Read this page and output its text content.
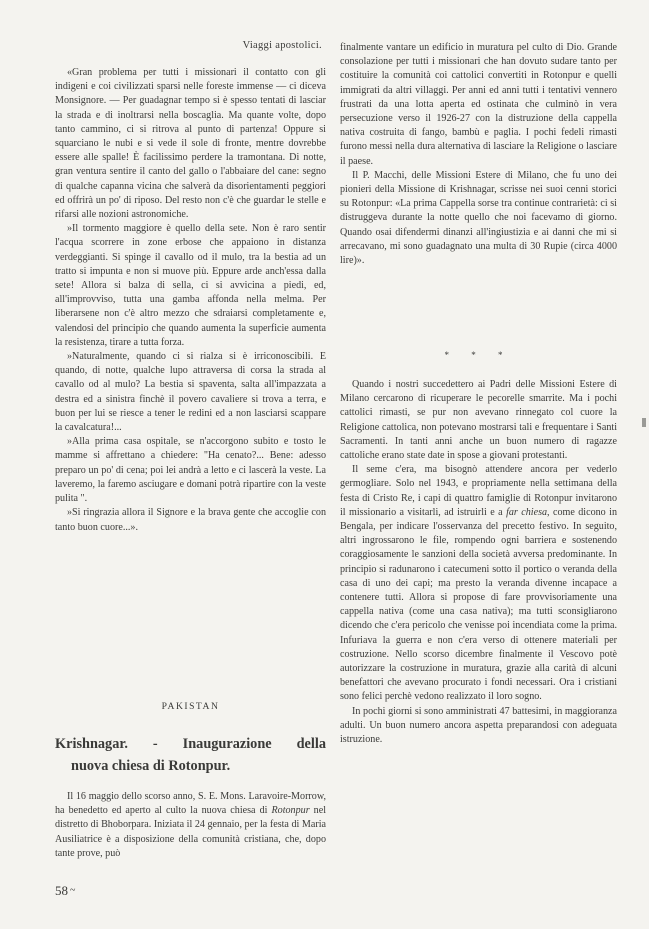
Viaggi apostolici.

«Gran problema per tutti i missionari il contatto con gli indigeni e coi civilizzati sparsi nelle foreste immense — ci diceva Monsignore. — Per guadagnar tempo si è spesso tentati di lasciar la strada e di inoltrarsi nella boscaglia. Ma quante volte, dopo tanto cammino, ci si ritrova al punto di partenza! Oppure si squarciano le nubi e si vede il sole di fronte, mentre dovrebbe essere alle spalle! È facilissimo perdere la tramontana. Di notte, gran ventura sentire il canto del gallo o l'abbaiare del cane: segno di qualche capanna vicina che salverà da disorientamenti peggiori ed offrirà un po' di riposo. Del resto non c'è che guardar le stelle e rifarsi alle nozioni astronomiche.

»Il tormento maggiore è quello della sete. Non è raro sentir l'acqua scorrere in zone erbose che appaiono in distanza verdeggianti. Si spinge il cavallo od il mulo, tra la bestia ad un tratto si impunta e non si muove più. Eppure arde anch'essa dalla sete! Allora si balza di sella, ci si avvicina a piedi, ed, all'improvviso, tutta una gamba affonda nella melma. Per liberarsene non c'è altro mezzo che sdraiarsi completamente e, valendosi del principio che quando aumenta la superficie aumenta la resistenza, tirare a tutta forza.

»Naturalmente, quando ci si rialza si è irriconoscibili. E quando, di notte, qualche lupo attraversa di corsa la strada al cavallo od al mulo? La bestia si spaventa, salta all'impazzata a destra ed a sinistra finchè il povero cavaliere si trova a terra, e buon per lui se riesce a tener le redini ed a non lasciarsi scappare la cavalcatura!...

»Alla prima casa ospitale, se n'accorgono subito e tosto le mamme si affrettano a chiedere: "Ha cenato?... Bene: adesso preparo un po' di cena; poi lei andrà a letto e ci lascerà la veste. La laveremo, la faremo asciugare e domani potrà ripartire con la veste pulita ".

»Si ringrazia allora il Signore e la brava gente che accoglie con tanto buon cuore...».

PAKISTAN
Krishnagar. - Inaugurazione della
nuova chiesa di Rotonpur.

Il 16 maggio dello scorso anno, S. E. Mons. Laravoire-Morrow, ha benedetto ed aperto al culto la nuova chiesa di Rotonpur nel distretto di Bhoborpara. Iniziata il 24 gennaio, per la festa di Maria Ausiliatrice è a disposizione della comunità cristiana, che, dopo tante prove, può

58 ~

finalmente vantare un edificio in muratura pel culto di Dio. Grande consolazione per tutti i missionari che han dovuto sudare tanto per costituire la comunità coi cattolici convertiti in Rotonpur e quelli immigrati da altri villaggi. Per anni ed anni tutti i tentativi vennero frustrati da una lotta aperta ed ostinata che culminò in vera persecuzione verso il 1926-27 con la distruzione della cappella nativa costruita di fango, bambù e paglia. I pochi fedeli rimasti furono messi nella dura alternativa di lasciare la Religione o lasciare il paese.

Il P. Macchi, delle Missioni Estere di Milano, che fu uno dei pionieri della Missione di Krishnagar, scrisse nei suoi cenni storici su Rotonpur: «La prima Cappella sorse tra continue contrarietà: ci si distruggeva durante la notte quello che noi facevamo di giorno. Quando osai difendermi dinanzi all'ingiustizia e ai danni che mi si arrecavano, mi sono guadagnato una multa di 30 Rupie (circa 4000 lire)».

* * *

Quando i nostri succedettero ai Padri delle Missioni Estere di Milano cercarono di ricuperare le pecorelle smarrite. Ma i pochi cattolici rimasti, se pur non avevano rinnegato col cuore la Religione cattolica, non potevano mostrarsi tali e frequentare i Santi Sacramenti. In tanti anni anche un buon numero di ragazze cattoliche erano state date in spose a giovani protestanti.

Il seme c'era, ma bisognò attendere ancora per vederlo germogliare. Solo nel 1943, e propriamente nella settimana della festa di Cristo Re, i capi di quattro famiglie di Rotonpur invitarono il missionario a visitarli, ad istruirli e a far chiesa, come dicono in Bengala, per indicare l'osservanza del precetto festivo. In seguito, altri ingrossarono le file, rompendo ogni barriera e sostenendo coraggiosamente le sanzioni della società avversa predominante. In principio si radunarono i catecumeni sotto il portico o veranda della casa di uno dei capi; ma presto la veranda divenne incapace a contenere tutti. Allora si propose di fare provvisoriamente una cappella nativa (come una casa nativa); ma tutti sconsigliarono dicendo che c'era pericolo che venisse poi incendiata come la prima. Infuriava la guerra e non c'era verso di ottenere materiali per costruzione. Nello scorso dicembre finalmente il Vescovo potè autorizzare la costruzione in muratura, grazie alla carità di alcuni benefattori che avevano procurato i fondi necessari. Ora i cristiani sono felici perchè vedono realizzato il loro sogno.

In pochi giorni si sono amministrati 47 battesimi, in maggioranza adulti. Un buon numero ancora aspetta preparandosi con adeguata istruzione.
